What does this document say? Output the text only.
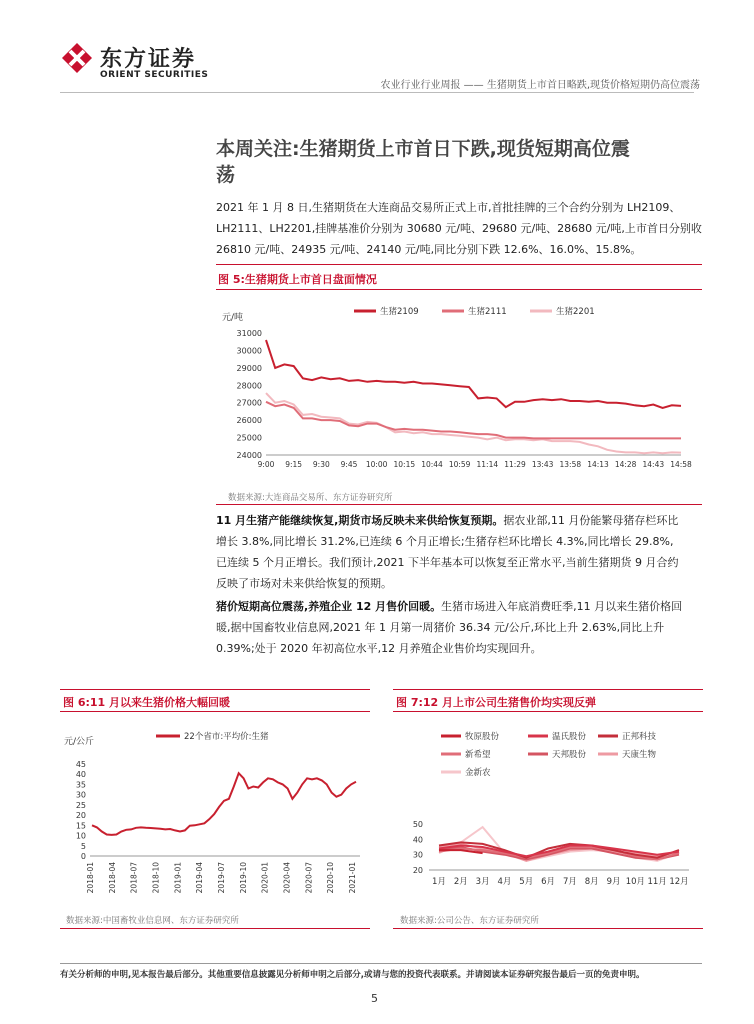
东方证券
ORIENT SECURITIES
农业行业行业周报 —— 生猪期货上市首日略跌,现货价格短期仍高位震荡
本周关注:生猪期货上市首日下跌,现货短期高位震
荡
2021 年 1 月 8 日,生猪期货在大连商品交易所正式上市,首批挂牌的三个合约分别为 LH2109、
LH2111、LH2201,挂牌基准价分别为 30680 元/吨、29680 元/吨、28680 元/吨,上市首日分别收
26810 元/吨、24935 元/吨、24140 元/吨,同比分别下跌 12.6%、16.0%、15.8%。
图 5:生猪期货上市首日盘面情况
元/吨
生猪2109	生猪2111	生猪2201
24000
25000
26000
27000
28000
29000
30000
31000
9:00 9:15 9:30 9:45 10:00 10:15 10:44 10:59 11:14 11:29 13:43 13:58 14:13 14:28 14:43 14:58
数据来源:大连商品交易所、东方证券研究所
11 月生猪产能继续恢复,期货市场反映未来供给恢复预期。据农业部,11 月份能繁母猪存栏环比
增长 3.8%,同比增长 31.2%,已连续 6 个月正增长;生猪存栏环比增长 4.3%,同比增长 29.8%,
已连续 5 个月正增长。我们预计,2021 下半年基本可以恢复至正常水平,当前生猪期货 9 月合约
反映了市场对未来供给恢复的预期。
猪价短期高位震荡,养殖企业 12 月售价回暖。生猪市场进入年底消费旺季,11 月以来生猪价格回
暖,据中国畜牧业信息网,2021 年 1 月第一周猪价 36.34 元/公斤,环比上升 2.63%,同比上升
0.39%;处于 2020 年初高位水平,12 月养殖企业售价均实现回升。
图 6:11 月以来生猪价格大幅回暖
元/公斤	22个省市:平均价:生猪
0
5
10
15
20
25
30
35
40
45
2018-01 2018-04 2018-07 2018-10 2019-01 2019-04 2019-07 2019-10 2020-01 2020-04 2020-07 2020-10 2021-01
数据来源:中国畜牧业信息网、东方证券研究所
图 7:12 月上市公司生猪售价均实现反弹
牧原股份	温氏股份	正邦科技
新希望	天邦股份	天康生物
金新农
20
30
40
50
1月 2月 3月 4月 5月 6月 7月 8月 9月 10月 11月 12月
数据来源:公司公告、东方证券研究所
有关分析师的申明,见本报告最后部分。其他重要信息披露见分析师申明之后部分,或请与您的投资代表联系。并请阅读本证券研究报告最后一页的免责申明。
5
